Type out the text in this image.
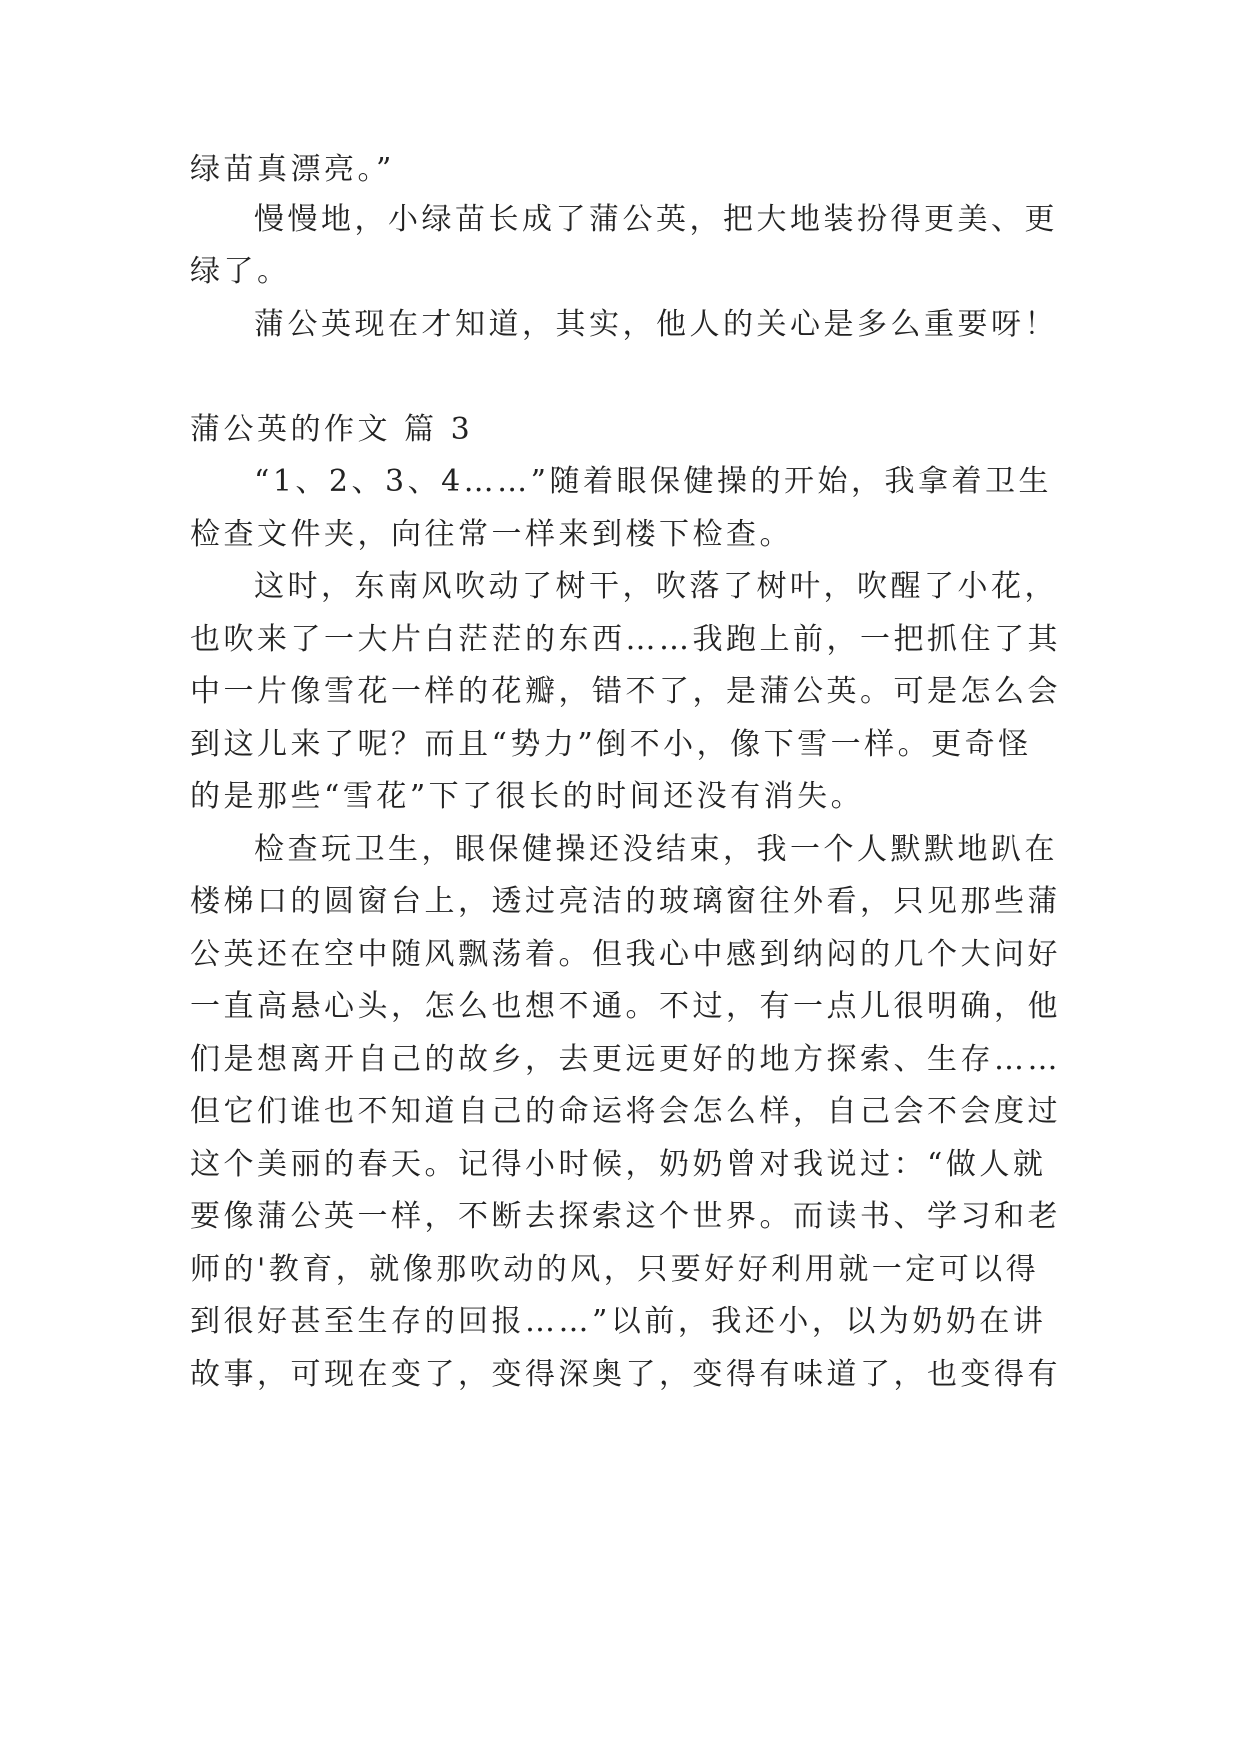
绿苗真漂亮。”
慢慢地，小绿苗长成了蒲公英，把大地装扮得更美、更
绿了。
蒲公英现在才知道，其实，他人的关心是多么重要呀！
蒲公英的作文 篇 3
“1、2、3、4……”随着眼保健操的开始，我拿着卫生
检查文件夹，向往常一样来到楼下检查。
这时，东南风吹动了树干，吹落了树叶，吹醒了小花，
也吹来了一大片白茫茫的东西……我跑上前，一把抓住了其
中一片像雪花一样的花瓣，错不了，是蒲公英。可是怎么会
到这儿来了呢？而且“势力”倒不小，像下雪一样。更奇怪
的是那些“雪花”下了很长的时间还没有消失。
检查玩卫生，眼保健操还没结束，我一个人默默地趴在
楼梯口的圆窗台上，透过亮洁的玻璃窗往外看，只见那些蒲
公英还在空中随风飘荡着。但我心中感到纳闷的几个大问好
一直高悬心头，怎么也想不通。不过，有一点儿很明确，他
们是想离开自己的故乡，去更远更好的地方探索、生存……
但它们谁也不知道自己的命运将会怎么样，自己会不会度过
这个美丽的春天。记得小时候，奶奶曾对我说过：“做人就
要像蒲公英一样，不断去探索这个世界。而读书、学习和老
师的'教育，就像那吹动的风，只要好好利用就一定可以得
到很好甚至生存的回报……”以前，我还小，以为奶奶在讲
故事，可现在变了，变得深奥了，变得有味道了，也变得有
